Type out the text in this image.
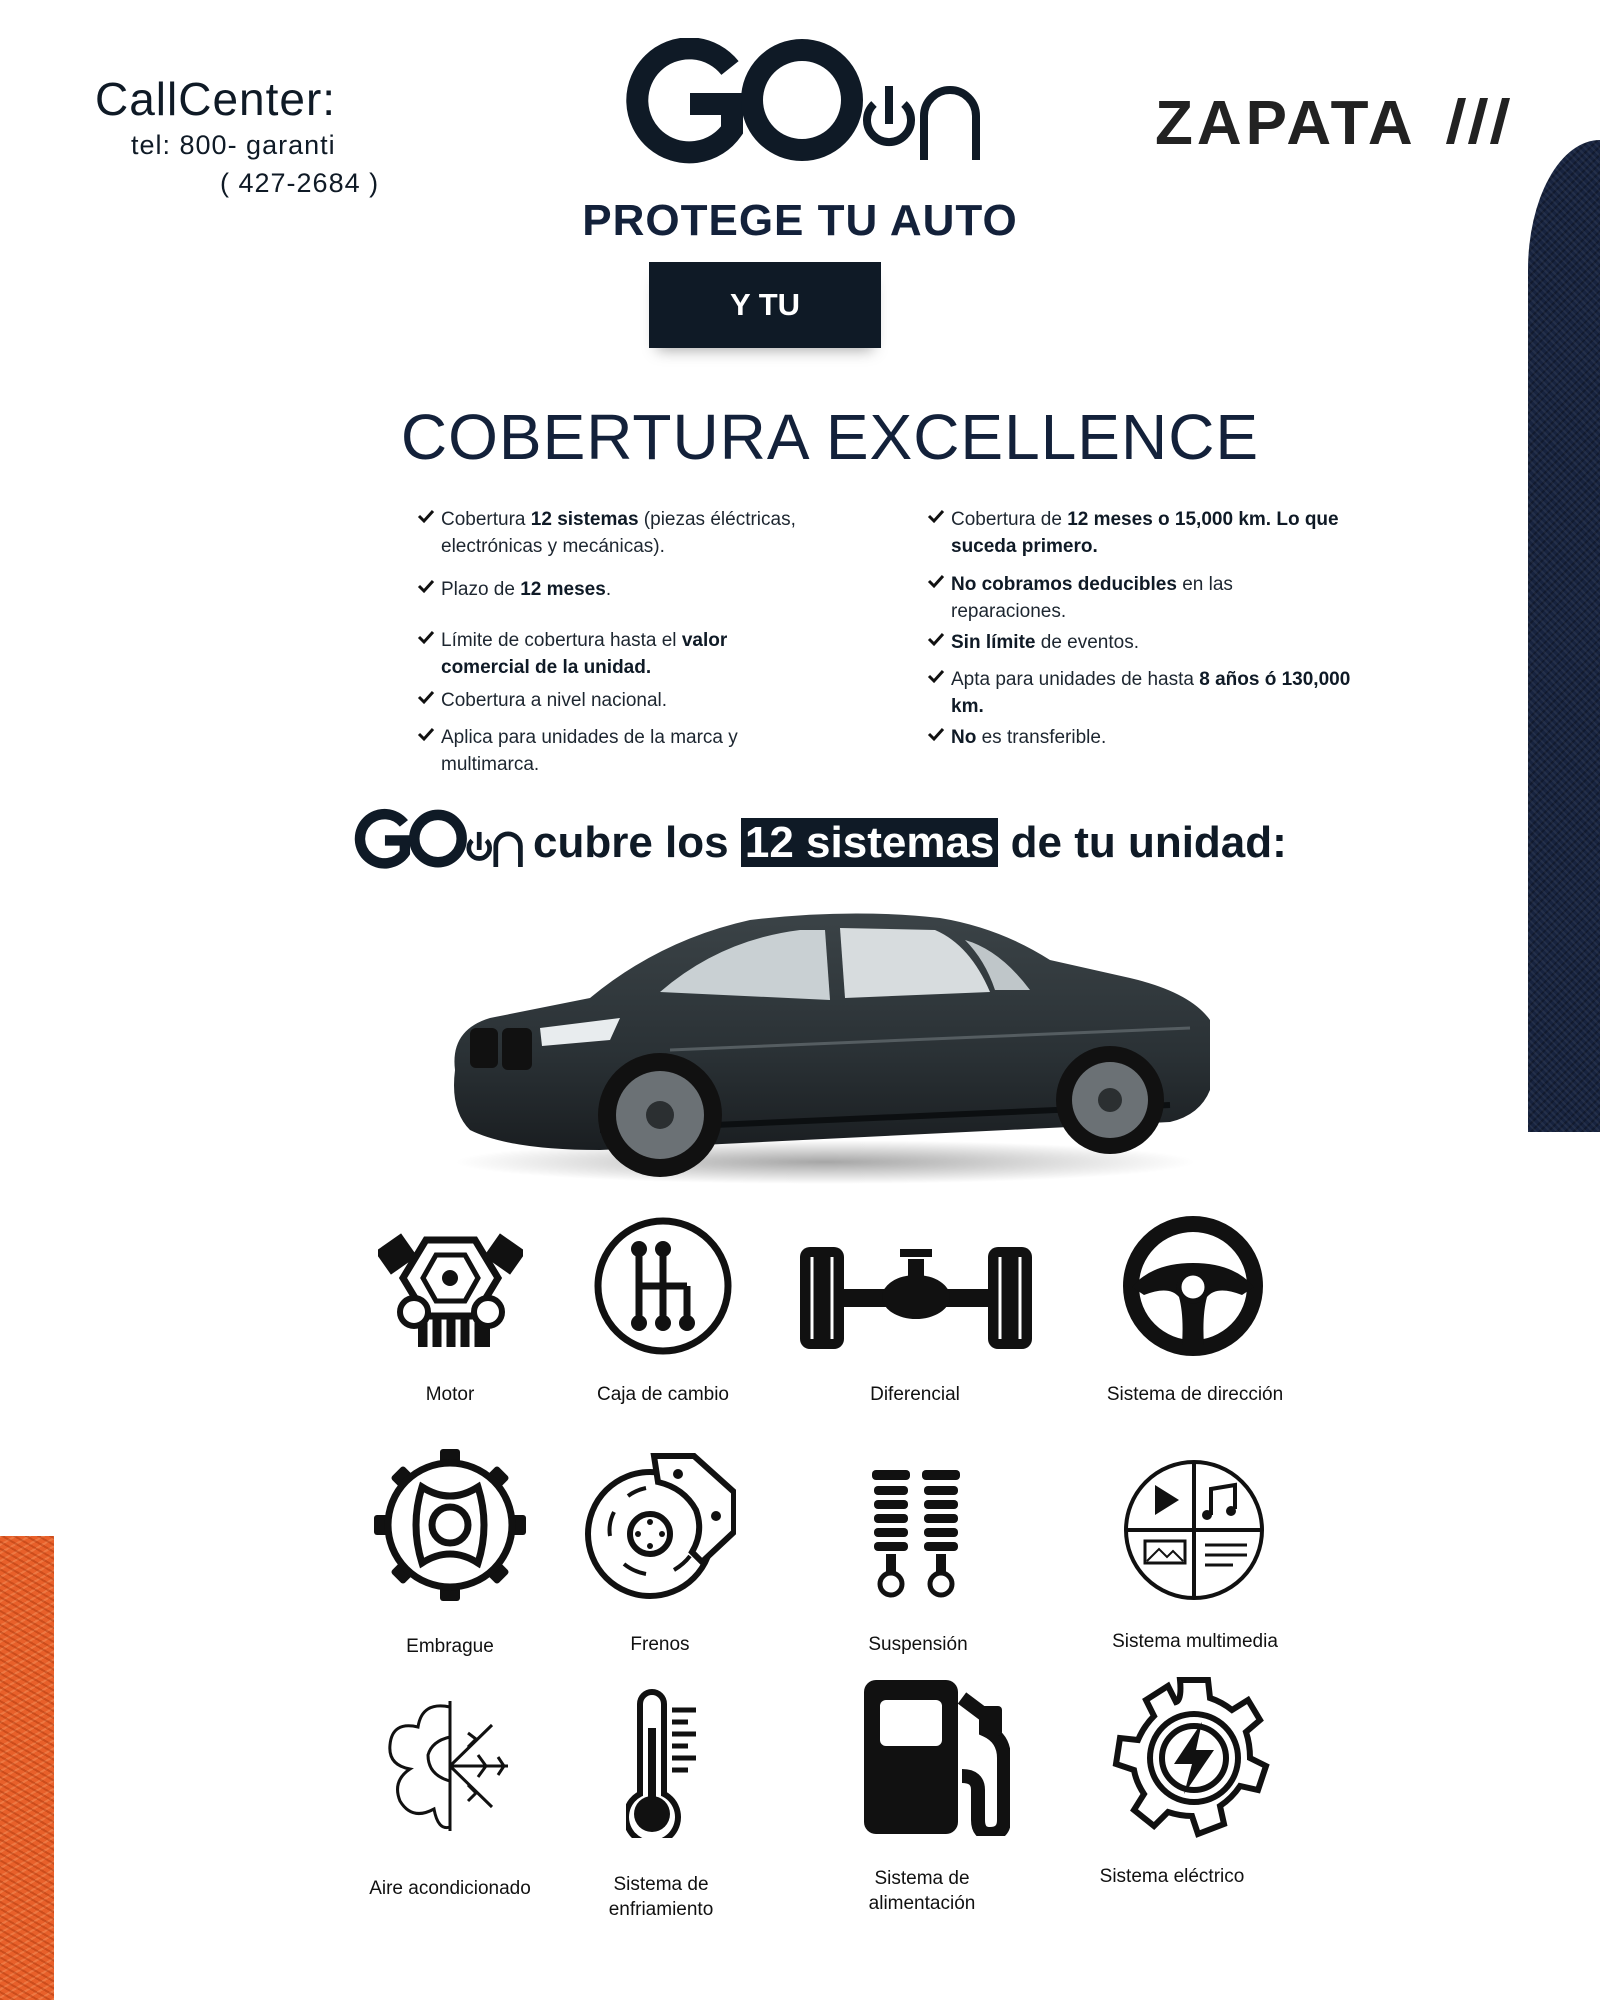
CallCenter:
tel: 800- garanti
( 427-2684 )
ZAPATA
PROTEGE TU AUTO
Y TU ECONOMÍA
COBERTURA EXCELLENCE
Cobertura 12 sistemas (piezas éléctricas, electrónicas y mecánicas).
Plazo de 12 meses.
Límite de cobertura hasta el valor comercial de la unidad.
Cobertura a nivel nacional.
Aplica para unidades de la marca y multimarca.
Cobertura de 12 meses o 15,000 km. Lo que suceda primero.
No cobramos deducibles en las reparaciones.
Sin límite de eventos.
Apta para unidades de hasta 8 años ó 130,000 km.
No es transferible.
cubre los 12 sistemas de tu unidad:
Motor	Caja de cambio	Diferencial	Sistema de dirección
Embrague	Frenos	Suspensión	Sistema multimedia
Aire acondicionado	Sistema de enfriamiento
Sistema de alimentación
Sistema eléctrico
